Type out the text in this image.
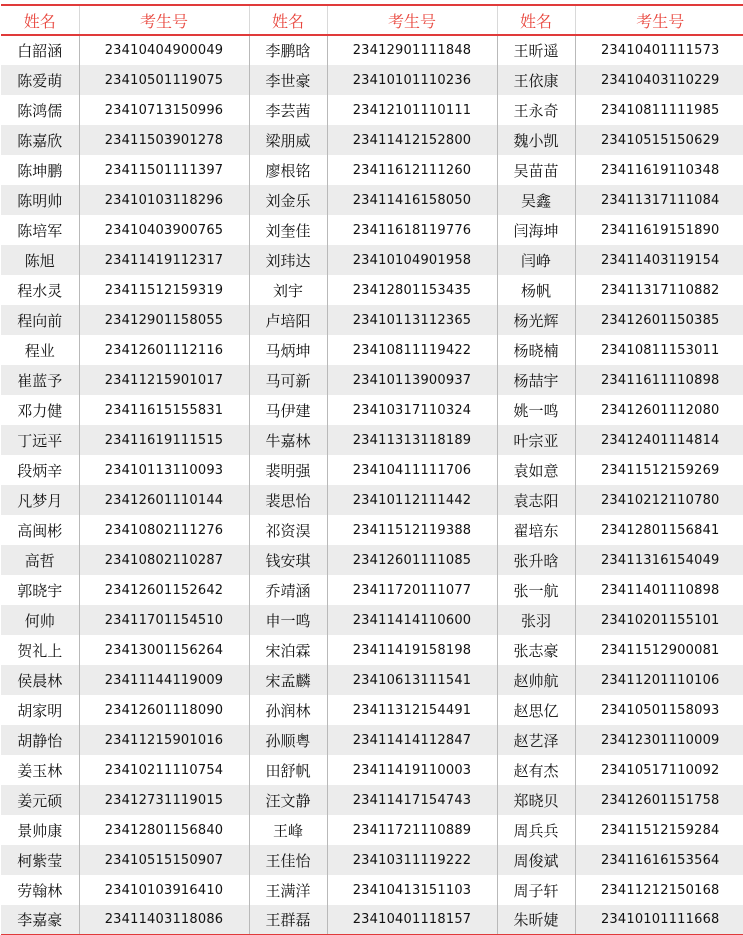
姓名	考生号	姓名	考生号	姓名	考生号
白韶涵	23410404900049	李鹏晗	23412901111848	王昕遥	23410401111573
陈爱萌	23410501119075	李世豪	23410101110236	王依康	23410403110229
陈鸿儒	23410713150996	李芸茜	23412101110111	王永奇	23410811111985
陈嘉欣	23411503901278	梁朋威	23411412152800	魏小凯	23410515150629
陈坤鹏	23411501111397	廖根铭	23411612111260	吴苗苗	23411619110348
陈明帅	23410103118296	刘金乐	23411416158050	吴鑫	23411317111084
陈培军	23410403900765	刘奎佳	23411618119776	闫海坤	23411619151890
陈旭	23411419112317	刘玮达	23410104901958	闫峥	23411403119154
程水灵	23411512159319	刘宇	23412801153435	杨帆	23411317110882
程向前	23412901158055	卢培阳	23410113112365	杨光辉	23412601150385
程业	23412601112116	马炳坤	23410811119422	杨晓楠	23410811153011
崔蓝予	23411215901017	马可新	23410113900937	杨喆宇	23411611110898
邓力健	23411615155831	马伊建	23410317110324	姚一鸣	23412601112080
丁远平	23411619111515	牛嘉林	23411313118189	叶宗亚	23412401114814
段炳辛	23410113110093	裴明强	23410411111706	袁如意	23411512159269
凡梦月	23412601110144	裴思怡	23410112111442	袁志阳	23410212110780
高闽彬	23410802111276	祁资淏	23411512119388	翟培东	23412801156841
高哲	23410802110287	钱安琪	23412601111085	张升晗	23411316154049
郭晓宇	23412601152642	乔靖涵	23411720111077	张一航	23411401110898
何帅	23411701154510	申一鸣	23411414110600	张羽	23410201155101
贺礼上	23413001156264	宋泊霖	23411419158198	张志豪	23411512900081
侯晨林	23411144119009	宋孟麟	23410613111541	赵帅航	23411201110106
胡家明	23412601118090	孙润林	23411312154491	赵思亿	23410501158093
胡静怡	23411215901016	孙顺粤	23411414112847	赵艺泽	23412301110009
姜玉林	23410211110754	田舒帆	23411419110003	赵有杰	23410517110092
姜元硕	23412731119015	汪文静	23411417154743	郑晓贝	23412601151758
景帅康	23412801156840	王峰	23411721110889	周兵兵	23411512159284
柯紫莹	23410515150907	王佳怡	23410311119222	周俊斌	23411616153564
劳翰林	23410103916410	王满洋	23410413151103	周子轩	23411212150168
李嘉豪	23411403118086	王群磊	23410401118157	朱昕婕	23410101111668
